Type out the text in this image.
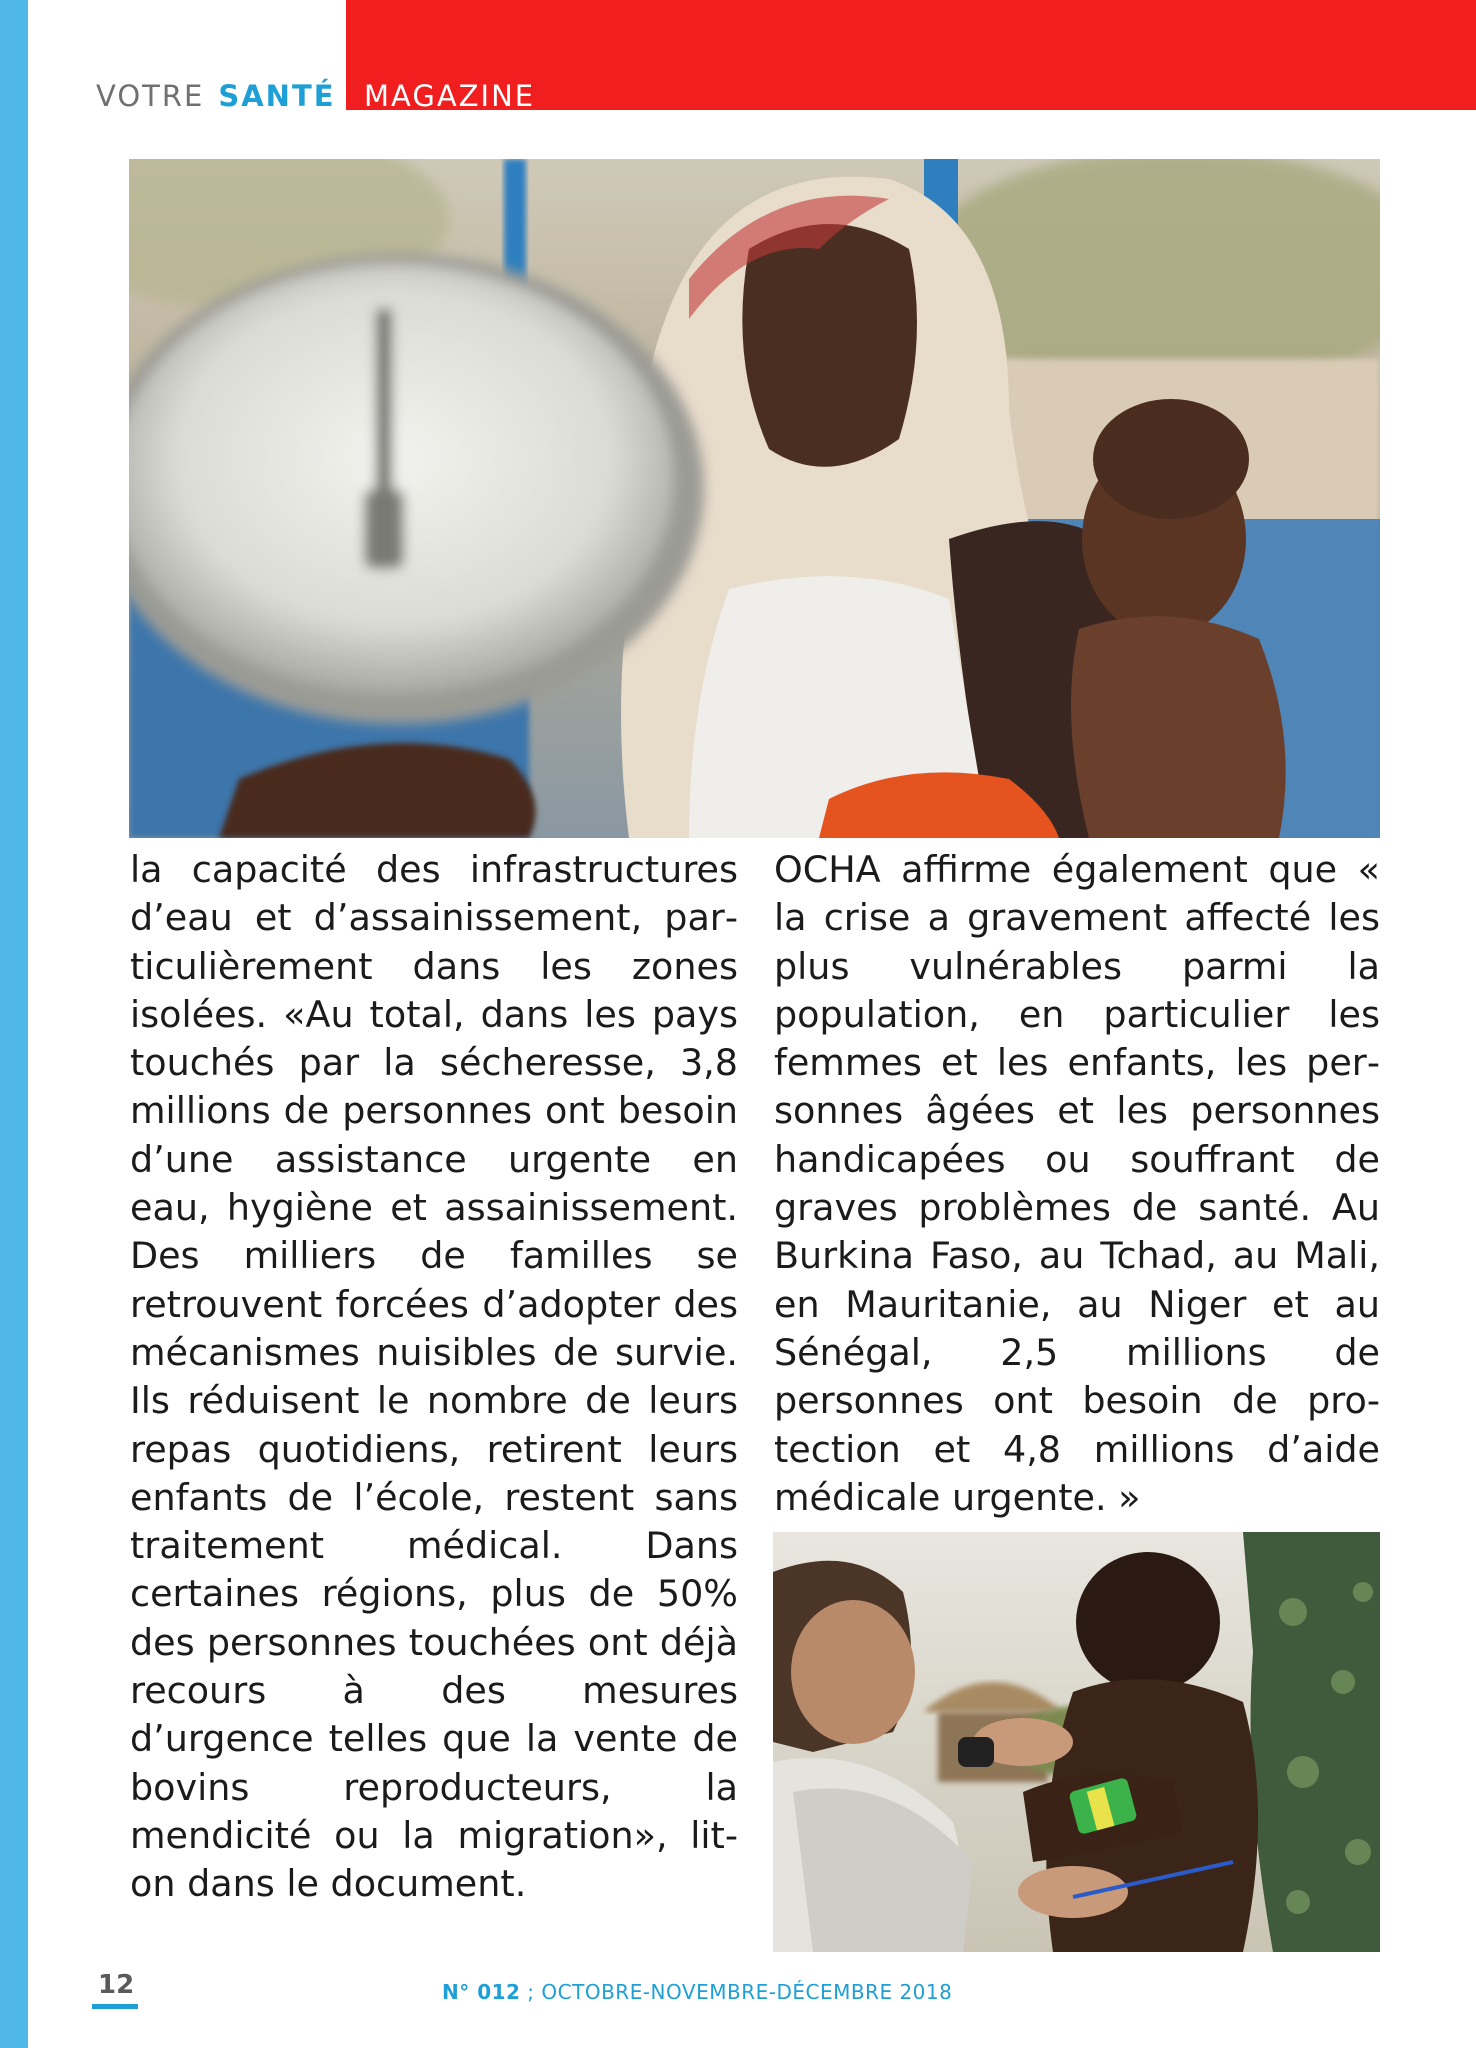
VOTRE SANTÉ MAGAZINE
la capacité des infrastructures d’eau et d’assainissement, particulièrement dans les zones isolées. «Au total, dans les pays touchés par la sécheresse, 3,8 millions de personnes ont besoin d’une assistance urgente en eau, hygiène et assainissement. Des milliers de familles se retrouvent forcées d’adopter des mécanismes nuisibles de survie. Ils réduisent le nombre de leurs repas quotidiens, retirent leurs enfants de l’école, restent sans traitement médical. Dans certaines régions, plus de 50% des personnes touchées ont déjà recours à des mesures d’urgence telles que la vente de bovins reproducteurs, la mendicité ou la migration», lit-on dans le document.
OCHA affirme également que « la crise a gravement affecté les plus vulnérables parmi la population, en particulier les femmes et les enfants, les personnes âgées et les personnes handicapées ou souffrant de graves problèmes de santé. Au Burkina Faso, au Tchad, au Mali, en Mauritanie, au Niger et au Sénégal, 2,5 millions de personnes ont besoin de protection et 4,8 millions d’aide médicale urgente. »
12	N° 012 ; OCTOBRE-NOVEMBRE-DÉCEMBRE 2018
